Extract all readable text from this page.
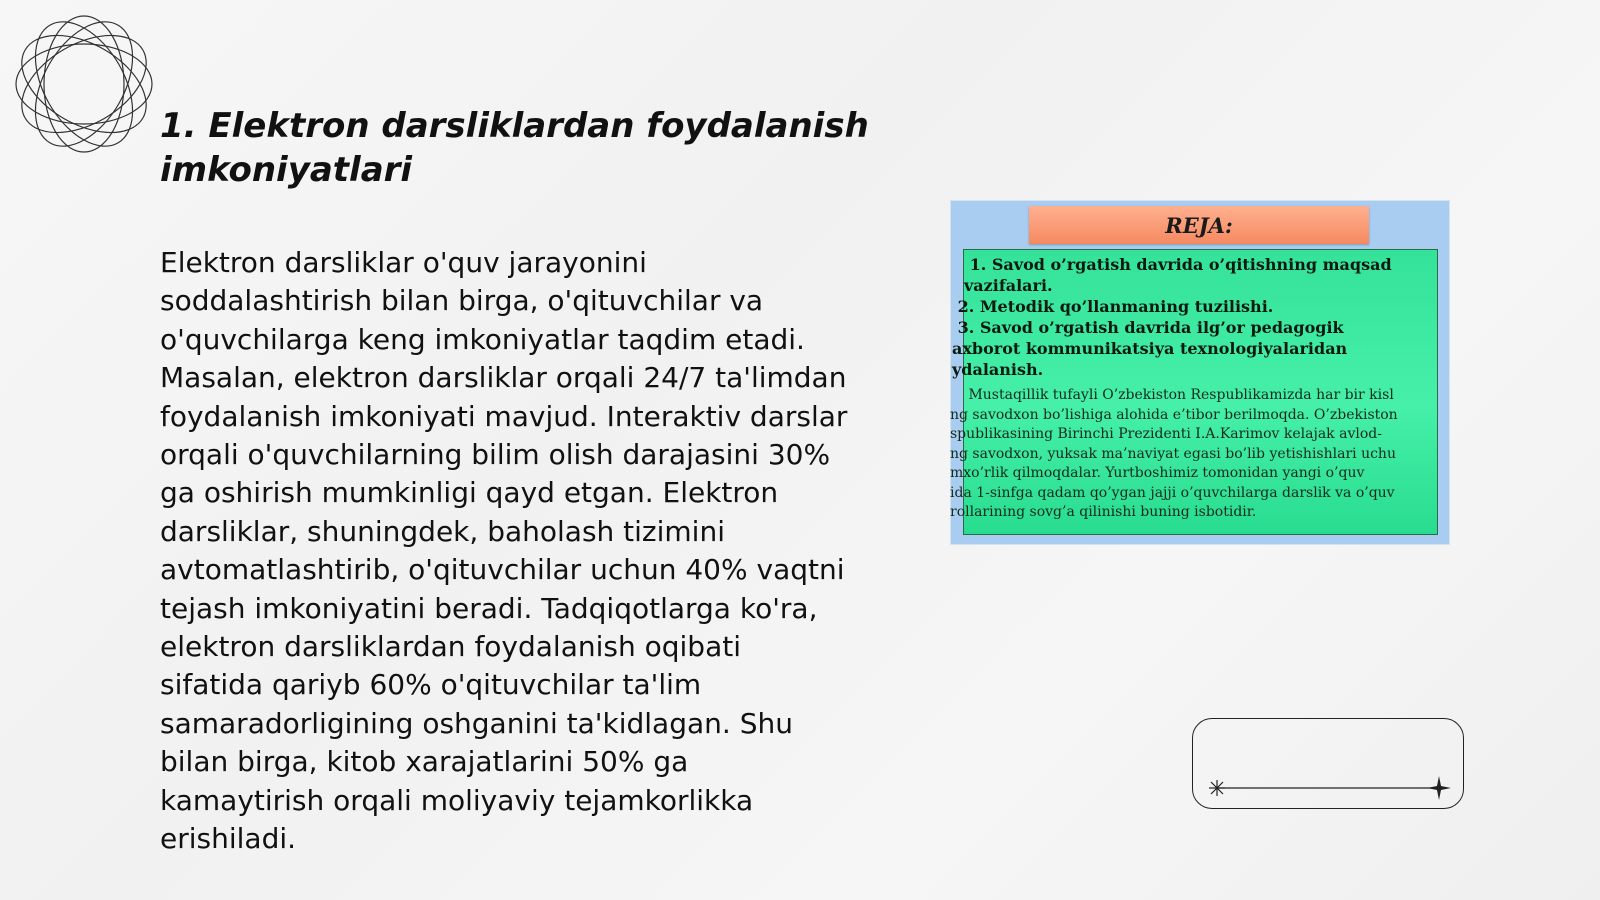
1. Elektron darsliklardan foydalanish imkoniyatlari

Elektron darsliklar o'quv jarayonini soddalashtirish bilan birga, o'qituvchilar va o'quvchilarga keng imkoniyatlar taqdim etadi. Masalan, elektron darsliklar orqali 24/7 ta'limdan foydalanish imkoniyati mavjud. Interaktiv darslar orqali o'quvchilarning bilim olish darajasini 30% ga oshirish mumkinligi qayd etgan. Elektron darsliklar, shuningdek, baholash tizimini avtomatlashtirib, o'qituvchilar uchun 40% vaqtni tejash imkoniyatini beradi. Tadqiqotlarga ko'ra, elektron darsliklardan foydalanish oqibati sifatida qariyb 60% o'qituvchilar ta'lim samaradorligining oshganini ta'kidlagan. Shu bilan birga, kitob xarajatlarini 50% ga kamaytirish orqali moliyaviy tejamkorlikka erishiladi.

REJA:
1. Savod o’rgatish davrida o’qitishning maqsad
vazifalari.
2. Metodik qo’llanmaning tuzilishi.
3. Savod o’rgatish davrida ilg’or pedagogik
axborot kommunikatsiya texnologiyalaridan
ydalanish.
Mustaqillik tufayli O’zbekiston Respublikamizda har bir kisl
ng savodxon bo’lishiga alohida e’tibor berilmoqda. O’zbekiston
spublikasining Birinchi Prezidenti I.A.Karimov kelajak avlod-
ng savodxon, yuksak ma’naviyat egasi bo’lib yetishishlari uchu
mxo’rlik qilmoqdalar. Yurtboshimiz tomonidan yangi o’quv
ida 1-sinfga qadam qo’ygan jajji o’quvchilarga darslik va o’quv
rollarining sovg’a qilinishi buning isbotidir.
